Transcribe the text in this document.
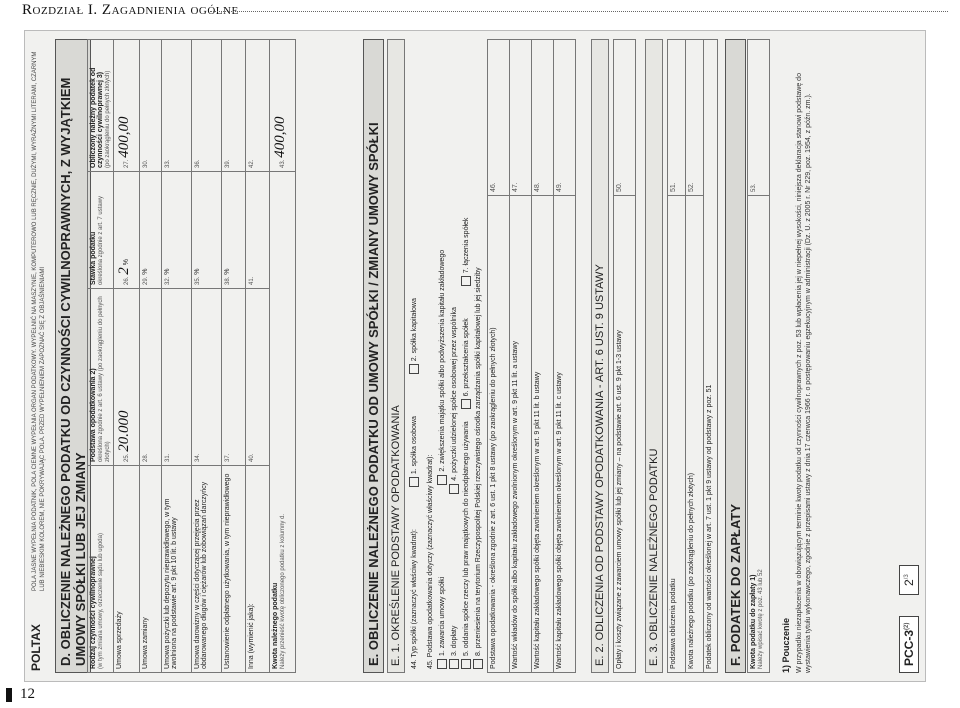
Rozdział I. Zagadnienia ogólne
POLTAX
POLA JASNE WYPEŁNIA PODATNIK, POLA CIEMNE WYPEŁNIA ORGAN PODATKOWY. WYPEŁNIĆ NA MASZYNIE, KOMPUTEROWO LUB RĘCZNIE, DUŻYMI, WYRAŹNYMI LITERAMI, CZARNYM LUB NIEBIESKIM KOLOREM, NIE POKRYWAJĄC POLA. PRZED WYPEŁNIENIEM ZAPOZNAĆ SIĘ Z OBJAŚNIENIAMI D. OBLICZENIE NALEŻNEGO PODATKU OD CZYNNOŚCI CYWILNOPRAWNYCH, Z WYJĄTKIEM UMOWY SPÓŁKI LUB JEJ ZMIANY Rodzaj czynności cywilnoprawnej
(w tym zmiana umowy, orzeczenie sądu lub ugoda)	Podstawa opodatkowania 2)
określona zgodnie z art. 6 ustawy (po zaokrągleniu do pełnych złotych)	Stawka podatku
określona zgodnie z art. 7 ustawy	Obliczony należny podatek od czynności cywilnoprawnej 3)
(po zaokrągleniu do pełnych złotych)
Umowa sprzedaży	25. 20.000	26. 2 %	27. 400,00
Umowa zamiany	28.	29. %	30.
Umowa pożyczki lub depozytu nieprawidłowego, w tym zwolniona na podstawie art. 9 pkt 10 lit. b ustawy	31.	32. %	33.
Umowa darowizny w części dotyczącej przejęcia przez obdarowanego długów i ciężarów lub zobowiązań darczyńcy	34.	35. %	36.
Ustanowienie odpłatnego użytkowania, w tym nieprawidłowego	37.	38. %	39.
Inna (wymienić jaka):	40.	41.	42.
Kwota należnego podatku
Należy przenieść kwotę obliczonego podatku z kolumny d.			43. 400,00	E. OBLICZENIE NALEŻNEGO PODATKU OD UMOWY SPÓŁKI / ZMIANY UMOWY SPÓŁKI E. 1. OKREŚLENIE PODSTAWY OPODATKOWANIA	44. Typ spółki (zaznaczyć właściwy kwadrat): 1. spółka osobowa 2. spółka kapitałowa
45. Podstawa opodatkowania dotyczy (zaznaczyć właściwy kwadrat): 1. zawarcia umowy spółki 2. zwiększenia majątku spółki albo podwyższenia kapitału zakładowego
3. dopłaty 4. pożyczki udzielonej spółce osobowej przez wspólnika
5. oddania spółce rzeczy lub praw majątkowych do nieodpłatnego używania 6. przekształcenia spółek 7. łączenia spółek
8. przeniesienia na terytorium Rzeczypospolitej Polskiej rzeczywistego ośrodka zarządzania spółki kapitałowej lub jej siedziby	Podstawa opodatkowania - określona zgodnie z art. 6 ust. 1 pkt 8 ustawy (po zaokrągleniu do pełnych złotych)	46.
Wartość wkładów do spółki albo kapitału zakładowego zwolnionym określonym w art. 9 pkt 11 lit. a ustawy	47.
Wartość kapitału zakładowego spółki objęta zwolnieniem określonym w art. 9 pkt 11 lit. b ustawy	48.
Wartość kapitału zakładowego spółki objęta zwolnieniem określonym w art. 9 pkt 11 lit. c ustawy	49.
E. 2. ODLICZENIA OD PODSTAWY OPODATKOWANIA - ART. 6 UST. 9 USTAWY	Opłaty i koszty związane z zawarciem umowy spółki lub jej zmiany – na podstawie art. 6 ust. 9 pkt 1-3 ustawy	50.
E. 3. OBLICZENIE NALEŻNEGO PODATKU	Podstawa obliczenia podatku	51.
Kwota należnego podatku (po zaokrągleniu do pełnych złotych)	52.
Podatek obliczony od wartości określonej w art. 7 ust. 1 pkt 9 ustawy od podstawy z poz. 51	F. PODATEK DO ZAPŁATY	Kwota podatku do zapłaty 1)
Należy wpisać kwotę z poz. 43 lub 52	53.
1) Pouczenie W przypadku niezapłacenia w obowiązującym terminie kwoty podatku od czynności cywilnoprawnych z poz. 53 lub wpłacenia jej w niepełnej wysokości, niniejsza deklaracja stanowi podstawę do wystawienia tytułu wykonawczego, zgodnie z przepisami ustawy z dnia 17 czerwca 1966 r. o postępowaniu egzekucyjnym w administracji (Dz. U. z 2005 r. Nr 229, poz. 1954, z późn. zm.).	PCC-3$^{(2)}$
$2^{/3}$
12
